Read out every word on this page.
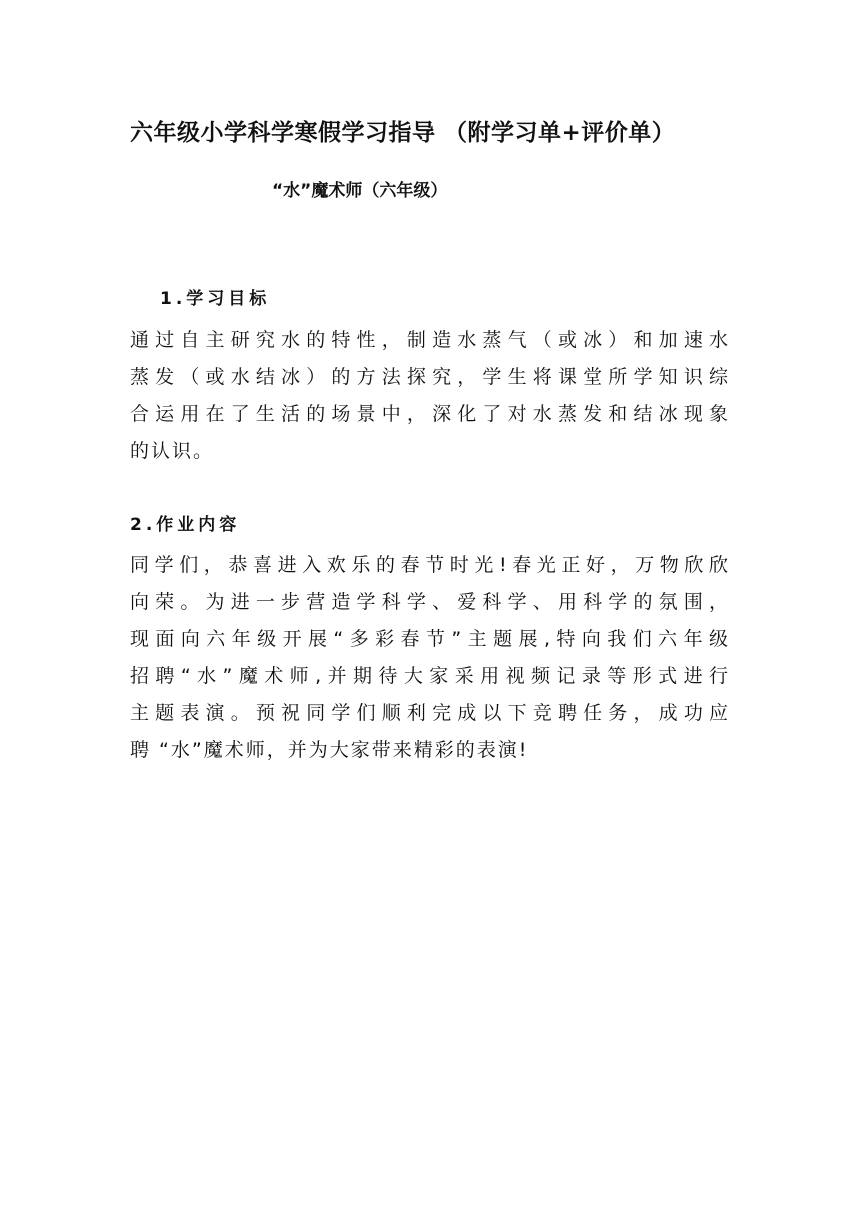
六年级小学科学寒假学习指导 （附学习单+评价单）
“水”魔术师（六年级）
1.学习目标
通过自主研究水的特性，制造水蒸气（或冰）和加速水
蒸发（或水结冰）的方法探究，学生将课堂所学知识综
合运用在了生活的场景中，深化了对水蒸发和结冰现象
的认识。
2.作业内容
同学们，恭喜进入欢乐的春节时光!春光正好，万物欣欣
向荣。为进一步营造学科学、爱科学、用科学的氛围，
现面向六年级开展“多彩春节”主题展,特向我们六年级
招聘“水”魔术师,并期待大家采用视频记录等形式进行
主题表演。预祝同学们顺利完成以下竞聘任务，成功应
聘 “水”魔术师，并为大家带来精彩的表演!
